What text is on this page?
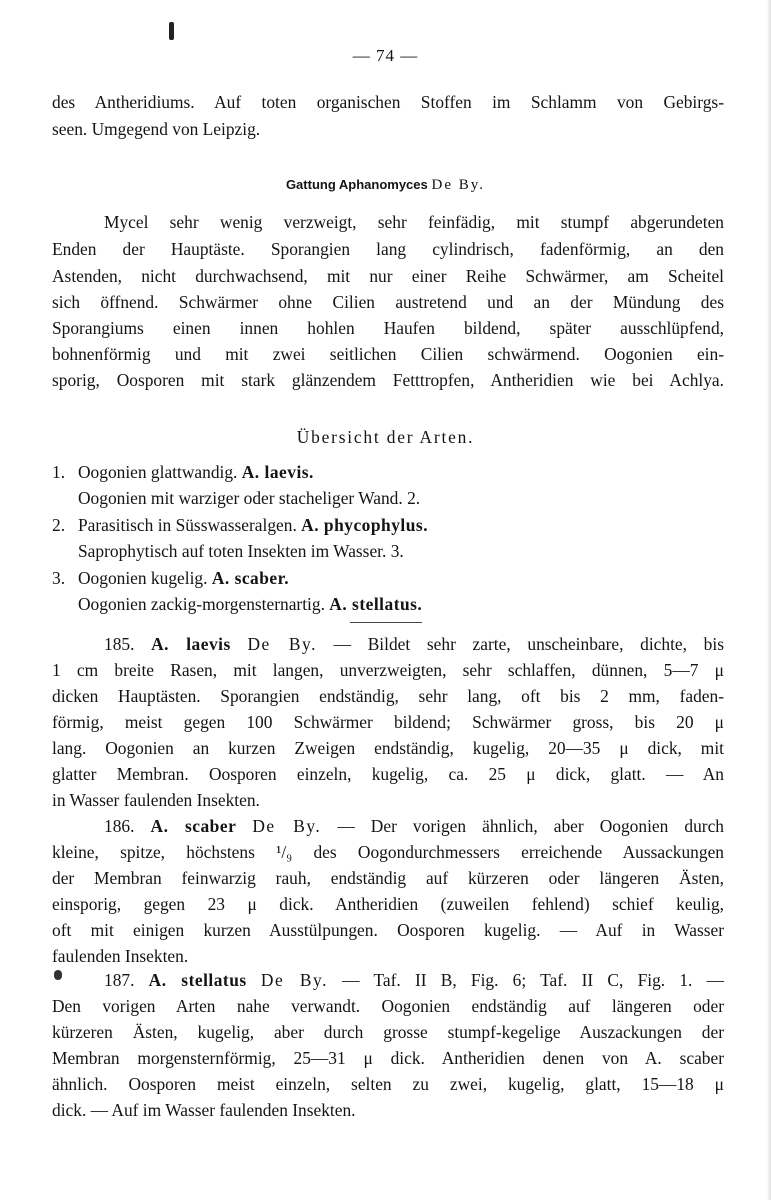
— 74 —
des Antheridiums. Auf toten organischen Stoffen im Schlamm von Gebirgs-
seen. Umgegend von Leipzig.
Gattung Aphanomyces De By.
Mycel sehr wenig verzweigt, sehr feinfädig, mit stumpf abgerundeten
Enden der Hauptäste. Sporangien lang cylindrisch, fadenförmig, an den
Astenden, nicht durchwachsend, mit nur einer Reihe Schwärmer, am Scheitel
sich öffnend. Schwärmer ohne Cilien austretend und an der Mündung des
Sporangiums einen innen hohlen Haufen bildend, später ausschlüpfend,
bohnenförmig und mit zwei seitlichen Cilien schwärmend. Oogonien ein-
sporig, Oosporen mit stark glänzendem Fetttropfen, Antheridien wie bei Achlya.
Übersicht der Arten.
1. Oogonien glattwandig. A. laevis.
Oogonien mit warziger oder stacheliger Wand. 2.
2. Parasitisch in Süsswasseralgen. A. phycophylus.
Saprophytisch auf toten Insekten im Wasser. 3.
3. Oogonien kugelig. A. scaber.
Oogonien zackig-morgensternartig. A. stellatus.
185. A. laevis De By. — Bildet sehr zarte, unscheinbare, dichte, bis
1 cm breite Rasen, mit langen, unverzweigten, sehr schlaffen, dünnen, 5—7 μ
dicken Hauptästen. Sporangien endständig, sehr lang, oft bis 2 mm, faden-
förmig, meist gegen 100 Schwärmer bildend; Schwärmer gross, bis 20 μ
lang. Oogonien an kurzen Zweigen endständig, kugelig, 20—35 μ dick, mit
glatter Membran. Oosporen einzeln, kugelig, ca. 25 μ dick, glatt. — An
in Wasser faulenden Insekten.
186. A. scaber De By. — Der vorigen ähnlich, aber Oogonien durch
kleine, spitze, höchstens ¹/₉ des Oogondurchmessers erreichende Aussackungen
der Membran feinwarzig rauh, endständig auf kürzeren oder längeren Ästen,
einsporig, gegen 23 μ dick. Antheridien (zuweilen fehlend) schief keulig,
oft mit einigen kurzen Ausstülpungen. Oosporen kugelig. — Auf in Wasser
faulenden Insekten.
187. A. stellatus De By. — Taf. II B, Fig. 6; Taf. II C, Fig. 1. —
Den vorigen Arten nahe verwandt. Oogonien endständig auf längeren oder
kürzeren Ästen, kugelig, aber durch grosse stumpf-kegelige Auszackungen der
Membran morgensternförmig, 25—31 μ dick. Antheridien denen von A. scaber
ähnlich. Oosporen meist einzeln, selten zu zwei, kugelig, glatt, 15—18 μ
dick. — Auf im Wasser faulenden Insekten.
